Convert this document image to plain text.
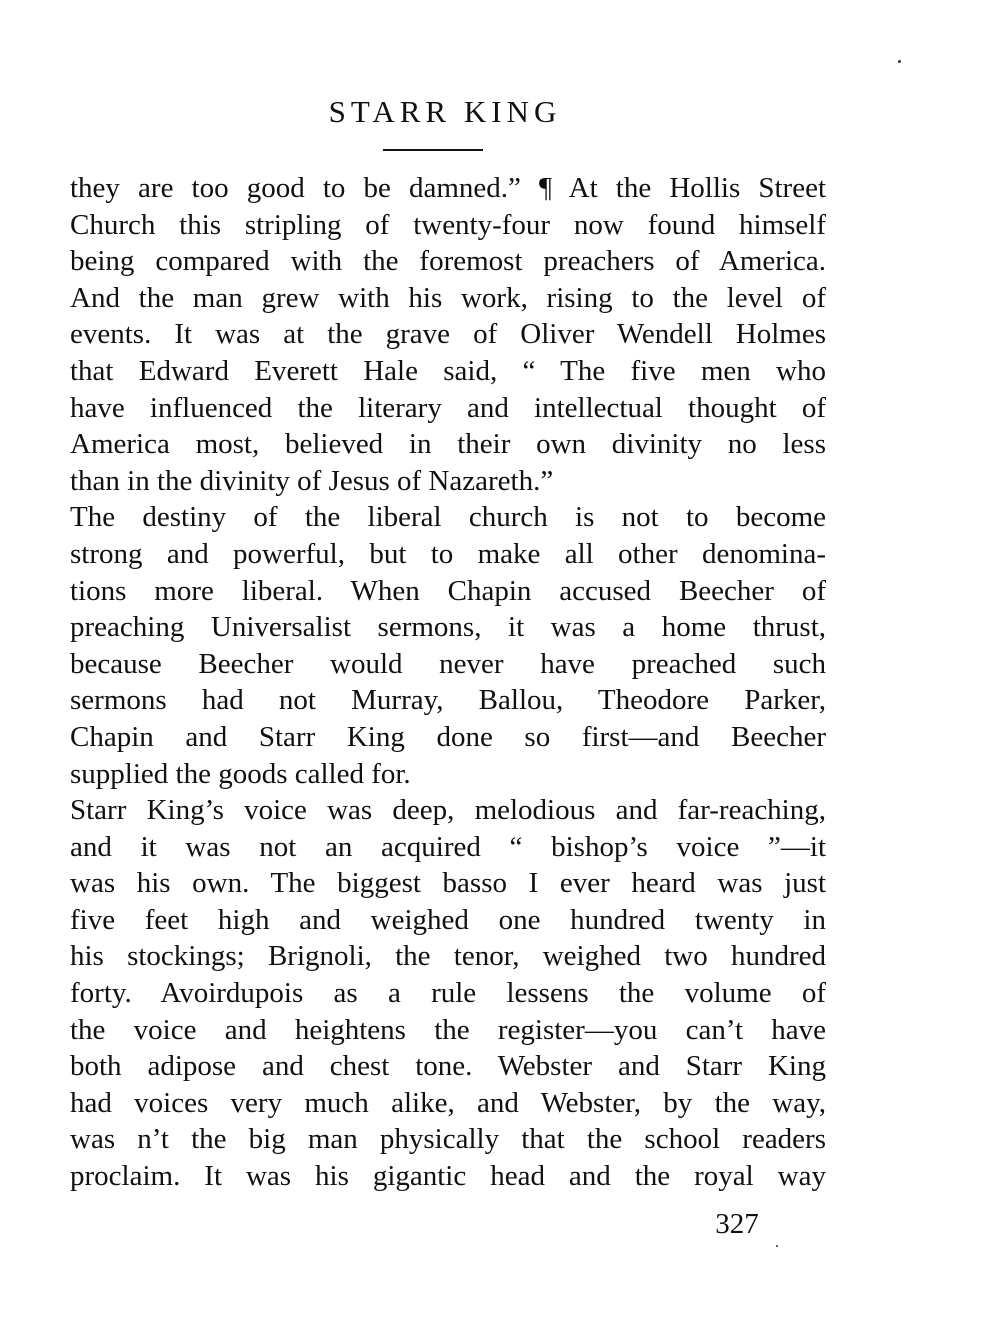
STARR KING
they are too good to be damned.” ¶ At the Hollis Street
Church this stripling of twenty-four now found himself
being compared with the foremost preachers of America.
And the man grew with his work, rising to the level of
events. It was at the grave of Oliver Wendell Holmes
that Edward Everett Hale said, “ The five men who
have influenced the literary and intellectual thought of
America most, believed in their own divinity no less
than in the divinity of Jesus of Nazareth.”
The destiny of the liberal church is not to become
strong and powerful, but to make all other denomina-
tions more liberal. When Chapin accused Beecher of
preaching Universalist sermons, it was a home thrust,
because Beecher would never have preached such
sermons had not Murray, Ballou, Theodore Parker,
Chapin and Starr King done so first—and Beecher
supplied the goods called for.
Starr King’s voice was deep, melodious and far-reaching,
and it was not an acquired “ bishop’s voice ”—it
was his own. The biggest basso I ever heard was just
five feet high and weighed one hundred twenty in
his stockings; Brignoli, the tenor, weighed two hundred
forty. Avoirdupois as a rule lessens the volume of
the voice and heightens the register—you can’t have
both adipose and chest tone. Webster and Starr King
had voices very much alike, and Webster, by the way,
was n’t the big man physically that the school readers
proclaim. It was his gigantic head and the royal way
327
